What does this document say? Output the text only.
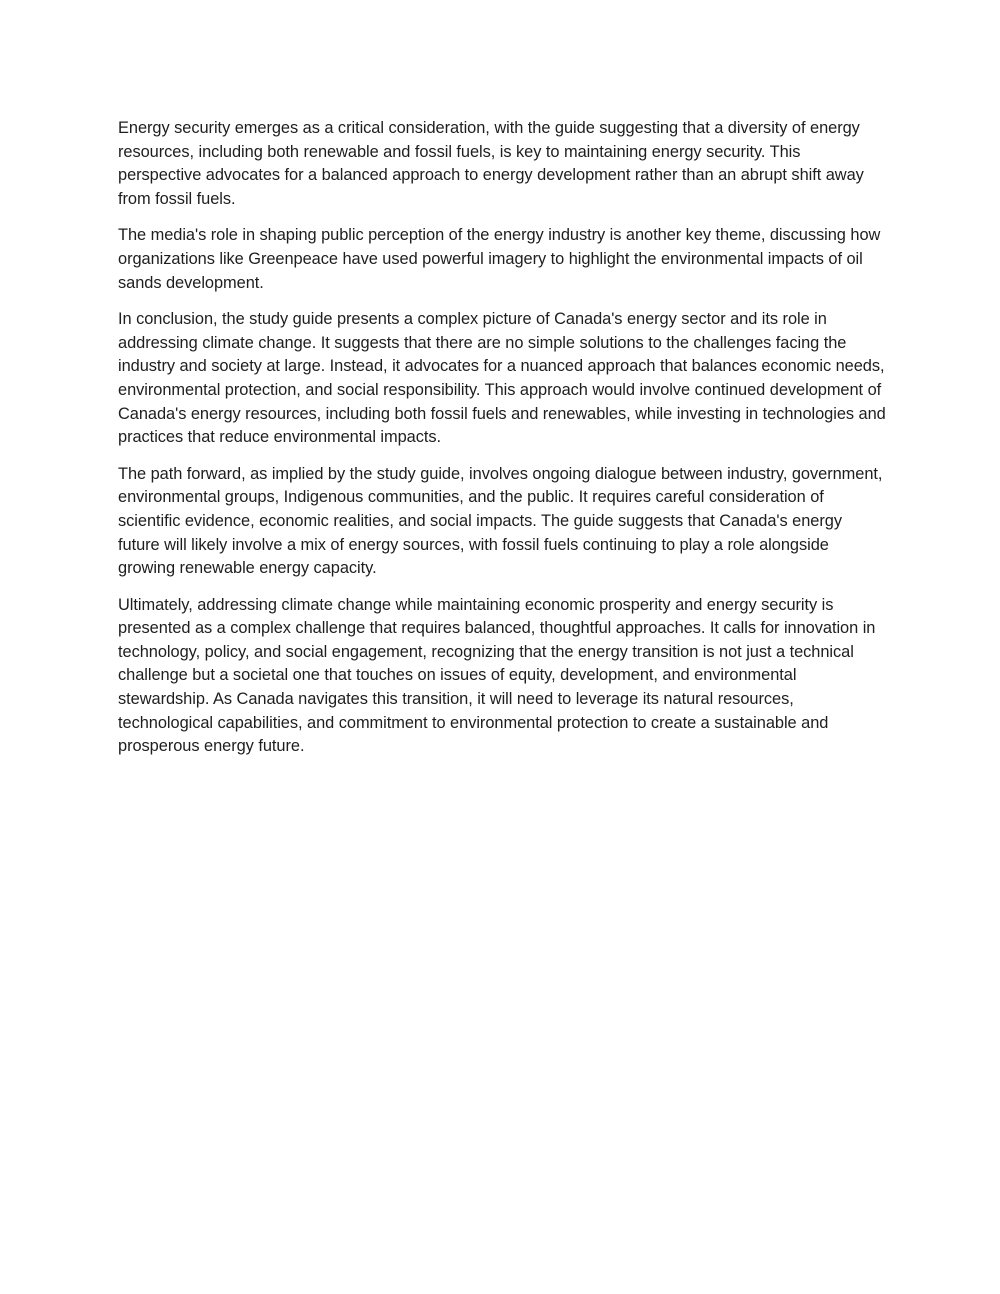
Energy security emerges as a critical consideration, with the guide suggesting that a diversity of energy resources, including both renewable and fossil fuels, is key to maintaining energy security. This perspective advocates for a balanced approach to energy development rather than an abrupt shift away from fossil fuels.

The media's role in shaping public perception of the energy industry is another key theme, discussing how organizations like Greenpeace have used powerful imagery to highlight the environmental impacts of oil sands development.

In conclusion, the study guide presents a complex picture of Canada's energy sector and its role in addressing climate change. It suggests that there are no simple solutions to the challenges facing the industry and society at large. Instead, it advocates for a nuanced approach that balances economic needs, environmental protection, and social responsibility. This approach would involve continued development of Canada's energy resources, including both fossil fuels and renewables, while investing in technologies and practices that reduce environmental impacts.

The path forward, as implied by the study guide, involves ongoing dialogue between industry, government, environmental groups, Indigenous communities, and the public. It requires careful consideration of scientific evidence, economic realities, and social impacts. The guide suggests that Canada's energy future will likely involve a mix of energy sources, with fossil fuels continuing to play a role alongside growing renewable energy capacity.

Ultimately, addressing climate change while maintaining economic prosperity and energy security is presented as a complex challenge that requires balanced, thoughtful approaches. It calls for innovation in technology, policy, and social engagement, recognizing that the energy transition is not just a technical challenge but a societal one that touches on issues of equity, development, and environmental stewardship. As Canada navigates this transition, it will need to leverage its natural resources, technological capabilities, and commitment to environmental protection to create a sustainable and prosperous energy future.
